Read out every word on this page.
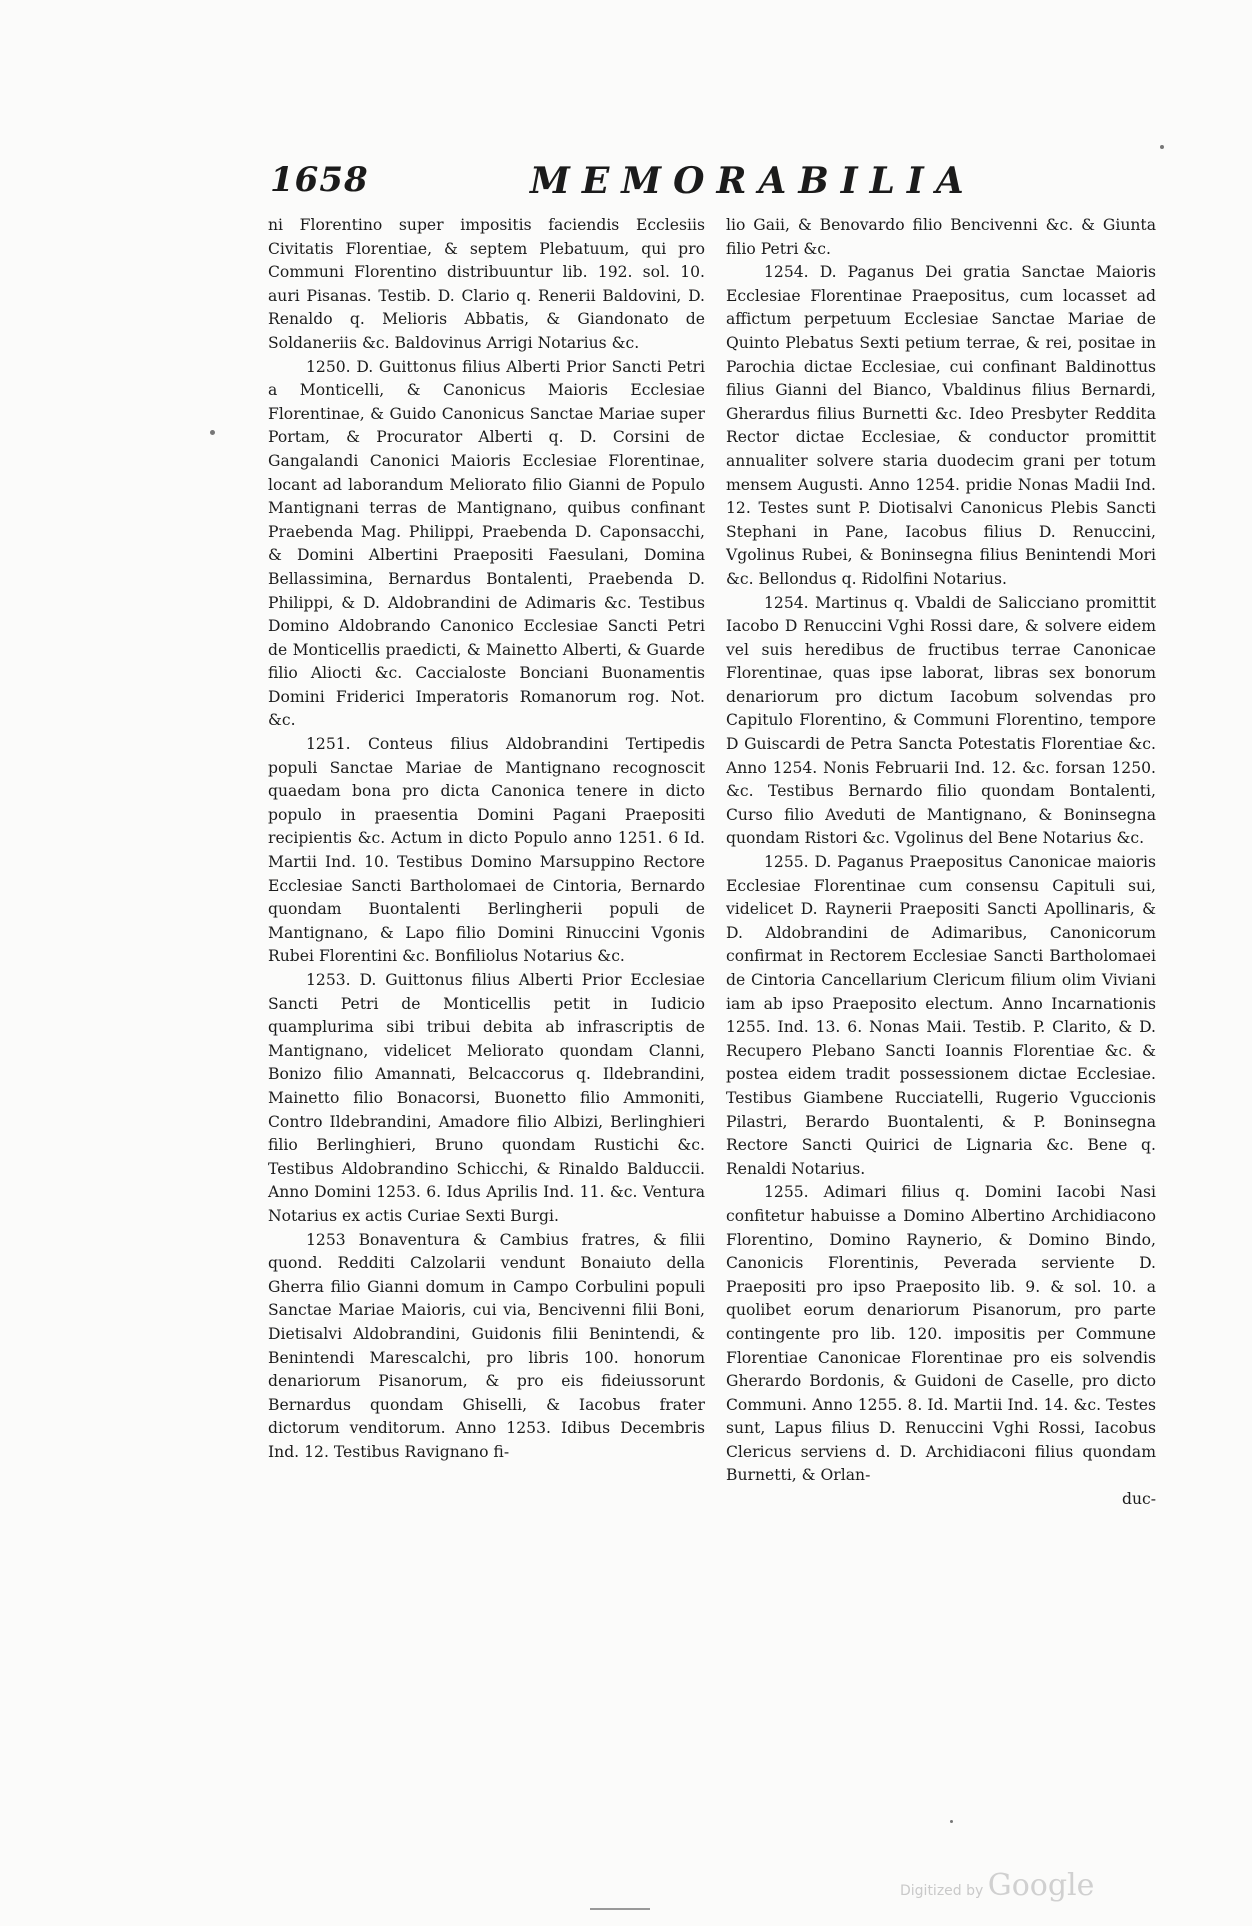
1658	MEMORABILIA

ni Florentino super impositis faciendis Ecclesiis Civitatis Florentiae, & septem Plebatuum, qui pro Communi Florentino distribuuntur lib. 192. sol. 10. auri Pisanas. Testib. D. Clario q. Renerii Baldovini, D. Renaldo q. Melioris Abbatis, & Giandonato de Soldaneriis &c. Baldovinus Arrigi Notarius &c.

1250. D. Guittonus filius Alberti Prior Sancti Petri a Monticelli, & Canonicus Maioris Ecclesiae Florentinae, & Guido Canonicus Sanctae Mariae super Portam, & Procurator Alberti q. D. Corsini de Gangalandi Canonici Maioris Ecclesiae Florentinae, locant ad laborandum Meliorato filio Gianni de Populo Mantignani terras de Mantignano, quibus confinant Praebenda Mag. Philippi, Praebenda D. Caponsacchi, & Domini Albertini Praepositi Faesulani, Domina Bellassimina, Bernardus Bontalenti, Praebenda D. Philippi, & D. Aldobrandini de Adimaris &c. Testibus Domino Aldobrando Canonico Ecclesiae Sancti Petri de Monticellis praedicti, & Mainetto Alberti, & Guarde filio Aliocti &c. Caccialoste Bonciani Buonamentis Domini Friderici Imperatoris Romanorum rog. Not. &c.

1251. Conteus filius Aldobrandini Tertipedis populi Sanctae Mariae de Mantignano recognoscit quaedam bona pro dicta Canonica tenere in dicto populo in praesentia Domini Pagani Praepositi recipientis &c. Actum in dicto Populo anno 1251. 6 Id. Martii Ind. 10. Testibus Domino Marsuppino Rectore Ecclesiae Sancti Bartholomaei de Cintoria, Bernardo quondam Buontalenti Berlingherii populi de Mantignano, & Lapo filio Domini Rinuccini Vgonis Rubei Florentini &c. Bonfiliolus Notarius &c.

1253. D. Guittonus filius Alberti Prior Ecclesiae Sancti Petri de Monticellis petit in Iudicio quamplurima sibi tribui debita ab infrascriptis de Mantignano, videlicet Meliorato quondam Clanni, Bonizo filio Amannati, Belcaccorus q. Ildebrandini, Mainetto filio Bonacorsi, Buonetto filio Ammoniti, Contro Ildebrandini, Amadore filio Albizi, Berlinghieri filio Berlinghieri, Bruno quondam Rustichi &c. Testibus Aldobrandino Schicchi, & Rinaldo Balduccii. Anno Domini 1253. 6. Idus Aprilis Ind. 11. &c. Ventura Notarius ex actis Curiae Sexti Burgi.

1253 Bonaventura & Cambius fratres, & filii quond. Redditi Calzolarii vendunt Bonaiuto della Gherra filio Gianni domum in Campo Corbulini populi Sanctae Mariae Maioris, cui via, Bencivenni filii Boni, Dietisalvi Aldobrandini, Guidonis filii Benintendi, & Benintendi Marescalchi, pro libris 100. honorum denariorum Pisanorum, & pro eis fideiussorunt Bernardus quondam Ghiselli, & Iacobus frater dictorum venditorum. Anno 1253. Idibus Decembris Ind. 12. Testibus Ravignano fi-

lio Gaii, & Benovardo filio Bencivenni &c. & Giunta filio Petri &c.

1254. D. Paganus Dei gratia Sanctae Maioris Ecclesiae Florentinae Praepositus, cum locasset ad affictum perpetuum Ecclesiae Sanctae Mariae de Quinto Plebatus Sexti petium terrae, & rei, positae in Parochia dictae Ecclesiae, cui confinant Baldinottus filius Gianni del Bianco, Vbaldinus filius Bernardi, Gherardus filius Burnetti &c. Ideo Presbyter Reddita Rector dictae Ecclesiae, & conductor promittit annualiter solvere staria duodecim grani per totum mensem Augusti. Anno 1254. pridie Nonas Madii Ind. 12. Testes sunt P. Diotisalvi Canonicus Plebis Sancti Stephani in Pane, Iacobus filius D. Renuccini, Vgolinus Rubei, & Boninsegna filius Benintendi Mori &c. Bellondus q. Ridolfini Notarius.

1254. Martinus q. Vbaldi de Saliccianо promittit Iacobo D Renuccini Vghi Rossi dare, & solvere eidem vel suis heredibus de fructibus terrae Canonicae Florentinae, quas ipse laborat, libras sex bonorum denariorum pro dictum Iacobum solvendas pro Capitulo Florentino, & Communi Florentino, tempore D Guiscardi de Petra Sancta Potestatis Florentiae &c. Anno 1254. Nonis Februarii Ind. 12. &c. forsan 1250. &c. Testibus Bernardo filio quondam Bontalenti, Curso filio Aveduti de Mantignano, & Boninsegna quondam Ristori &c. Vgolinus del Bene Notarius &c.

1255. D. Paganus Praepositus Canonicae maioris Ecclesiae Florentinae cum consensu Capituli sui, videlicet D. Raynerii Praepositi Sancti Apollinaris, & D. Aldobrandini de Adimaribus, Canonicorum confirmat in Rectorem Ecclesiae Sancti Bartholomaei de Cintoria Cancellarium Clericum filium olim Viviani iam ab ipso Praeposito electum. Anno Incarnationis 1255. Ind. 13. 6. Nonas Maii. Testib. P. Clarito, & D. Recupero Plebano Sancti Ioannis Florentiae &c. & postea eidem tradit possessionem dictae Ecclesiae. Testibus Giambene Rucciatelli, Rugerio Vguccionis Pilastri, Berardo Buontalenti, & P. Boninsegna Rectore Sancti Quirici de Lignaria &c. Bene q. Renaldi Notarius.

1255. Adimari filius q. Domini Iacobi Nasi confitetur habuisse a Domino Albertino Archidiacono Florentino, Domino Raynerio, & Domino Bindo, Canonicis Florentinis, Peverada serviente D. Praepositi pro ipso Praeposito lib. 9. & sol. 10. a quolibet eorum denariorum Pisanorum, pro parte contingente pro lib. 120. impositis per Commune Florentiae Canonicae Florentinae pro eis solvendis Gherardo Bordonis, & Guidoni de Caselle, pro dicto Communi. Anno 1255. 8. Id. Martii Ind. 14. &c. Testes sunt, Lapus filius D. Renuccini Vghi Rossi, Iacobus Clericus serviens d. D. Archidiaconi filius quondam Burnetti, & Orlan-

duc-

Digitized by Google
